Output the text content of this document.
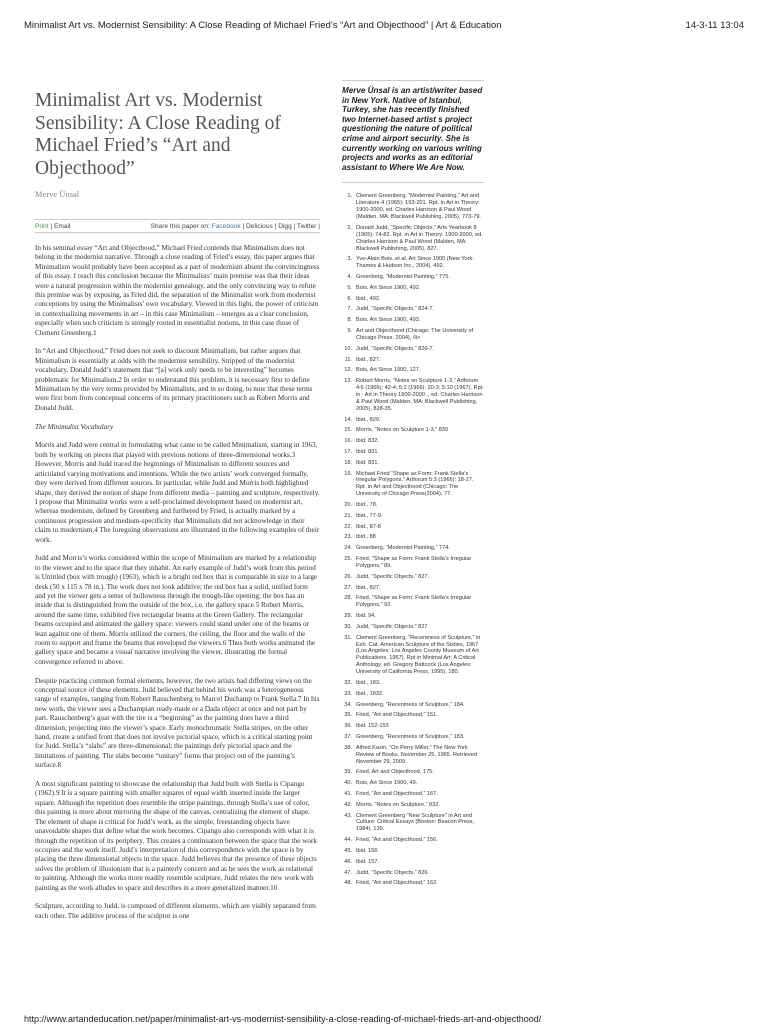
Minimalist Art vs. Modernist Sensibility: A Close Reading of Michael Fried’s “Art and Objecthood” | Art & Education	14-3-11 13:04
Minimalist Art vs. Modernist Sensibility: A Close Reading of Michael Fried’s “Art and Objecthood”
Merve Ünsal
Print | Email	Share this paper on: Facebook | Delicious | Digg | Twitter |

In his seminal essay “Art and Objecthood,” Michael Fried contends that Minimalism does not belong in the modernist narrative. Through a close reading of Fried’s essay, this paper argues that Minimalism would probably have been accepted as a part of modernism absent the convincingness of this essay. I reach this conclusion because the Minimalists’ main premise was that their ideas were a natural progression within the modernist genealogy, and the only convincing way to refute this premise was by exposing, as Fried did, the separation of the Minimalist work from modernist conceptions by using the Minimalists’ own vocabulary. Viewed in this light, the power of criticism in contextualizing movements in art – in this case Minimalism – emerges as a clear conclusion, especially when such criticism is strongly rooted in essentialist notions, in this case those of Clement Greenberg.1

In “Art and Objecthood,” Fried does not seek to discount Minimalism, but rather argues that Minimalism is essentially at odds with the modernist sensibility. Stripped of the modernist vocabulary, Donald Judd’s statement that “[a] work only needs to be interesting” becomes problematic for Minimalism.2 In order to understand this problem, it is necessary first to define Minimalism by the very terms provided by Minimalists, and in so doing, to note that these terms were first born from conceptual concerns of its primary practitioners such as Robert Morris and Donald Judd.

The Minimalist Vocabulary

Morris and Judd were central in formulating what came to be called Minimalism, starting in 1963, both by working on pieces that played with previous notions of three-dimensional works.3 However, Morris and Judd traced the beginnings of Minimalism to different sources and articulated varying motivations and intentions. While the two artists’ work converged formally, they were derived from different sources. In particular, while Judd and Morris both highlighted shape, they derived the notion of shape from different media – painting and sculpture, respectively. I propose that Minimalist works were a self-proclaimed development based on modernist art, whereas modernism, defined by Greenberg and furthered by Fried, is actually marked by a continuous progression and medium-specificity that Minimalists did not acknowledge in their claim to modernism.4 The foregoing observations are illustrated in the following examples of their work.

Judd and Morris’s works considered within the scope of Minimalism are marked by a relationship to the viewer and to the space that they inhabit. An early example of Judd’s work from this period is Untitled (box with trough) (1963), which is a bright red box that is comparable in size to a large desk (50 x 115 x 78 in.). The work does not look additive; the red box has a solid, unified form and yet the viewer gets a sense of hollowness through the trough-like opening; the box has an inside that is distinguished from the outside of the box, i.e. the gallery space.5 Robert Morris, around the same time, exhibited five rectangular beams at the Green Gallery. The rectangular beams occupied and animated the gallery space: viewers could stand under one of the beams or lean against one of them. Morris utilized the corners, the ceiling, the floor and the walls of the room to support and frame the beams that enveloped the viewers.6 Thus both works animated the gallery space and became a visual narrative involving the viewer, illustrating the formal convergence referred to above.

Despite practicing common formal elements, however, the two artists had differing views on the conceptual source of these elements. Judd believed that behind his work was a heterogeneous range of examples, ranging from Robert Rauschenberg to Marcel Duchamp to Frank Stella.7 In his new work, the viewer sees a Duchampian ready-made or a Dada object at once and not part by part. Rauschenberg’s goat with the tire is a “beginning” as the painting does have a third dimension, projecting into the viewer’s space. Early monochromatic Stella stripes, on the other hand, create a unified front that does not involve pictorial space, which is a critical starting point for Judd. Stella’s “slabs” are three-dimensional; the paintings defy pictorial space and the limitations of painting. The slabs become “unitary” forms that project out of the painting’s surface.8

A most significant painting to showcase the relationship that Judd built with Stella is Cipango (1962).9 It is a square painting with smaller squares of equal width inserted inside the larger square. Although the repetition does resemble the stripe paintings, through Stella’s use of color, this painting is more about mirroring the shape of the canvas, centralizing the element of shape. The element of shape is critical for Judd’s work, as the simple, freestanding objects have unavoidable shapes that define what the work becomes. Cipango also corresponds with what it is through the repetition of its periphery. This creates a continuation between the space that the work occupies and the work itself. Judd’s interpretation of this correspondence with the space is by placing the three dimensional objects in the space. Judd believes that the presence of these objects solves the problem of illusionism that is a painterly concern and as he sees the work as relational to painting. Although the works more readily resemble sculpture, Judd relates the new work with painting as the work alludes to space and describes in a more generalized manner.10

Sculpture, according to Judd, is composed of different elements, which are visibly separated from each other. The additive process of the sculptor is one

Merve Ünsal is an artist/writer based in New York. Native of Istanbul, Turkey, she has recently finished two Internet-based artist s project questioning the nature of political crime and airport security. She is currently working on various writing projects and works as an editorial assistant to Where We Are Now.
1. Clement Greenberg, “Modernist Painting,” Art and Literature 4 (1965): 193-201. Rpt. in Art in Theory: 1900-2000, ed. Charles Harrison & Paul Wood (Malden, MA: Blackwell Publishing, 2005), 773-79.
2. Donald Judd, “Specific Objects,” Arts Yearbook 8 (1965): 74-82. Rpt. in Art in Theory: 1900-2000, ed. Charles Harrison & Paul Wood (Malden, MA: Blackwell Publishing, 2005), 827.
3. Yve-Alain Bois, et al. Art Since 1900 (New York: Thames & Hudson Inc., 2004), 492.
4. Greenberg, “Modernist Painting,” 775.
5. Bois, Art Since 1900, 492.
6. Ibid., 492.
7. Judd, “Specific Objects,” 824-7.
8. Bois, Art Since 1900, 493.
9. Art and Objecthood (Chicago: The University of Chicago Press, 2004), /li>
10. Judd, “Specific Objects,” 826-7.
11. Ibid., 827.
12. Bois, Art Since 1900, 127.
13. Robert Morris, “Notes on Sculpture 1-3,” Artforum 4:6 (1966): 42-4; 5:2 (1966): 20-3; 5:10 (1967). Rpt. in : Art in Theory 1900-2000 ., ed. Charles Harrison & Paul Wood (Malden, MA: Blackwell Publishing, 2005), 828-35.
14. Ibid., 829.
15. Morris, “Notes on Sculpture 1-3,” 830
16. Ibid. 832.
17. Ibid. 831.
18. Ibid. 831.
19. Michael Fried “Shape as Form: Frank Stella’s Irregular Polygons,” Artforum 5:3 (1966): 18-27. Rpt. in Art and Objecthood (Chicago: The University of Chicago Press(2004), 77.
20. Ibid., 78.
21. Ibid., 77-9.
22. Ibid., 87-8
23. Ibid., 88
24. Greenberg, “Modernist Painting,” 774.
25. Fried, “Shape as Form: Frank Stella’s Irregular Polygons,” 89.
26. Judd, “Specific Objects,” 827.
27. Ibid., 827.
28. Fried, “Shape as Form: Frank Stella’s Irregular Polygons,” 92.
29. Ibid. 94.
30. Judd, “Specific Objects,” 827
31. Clement Greenberg, “Recentness of Sculpture,” in Exh. Cat. American Sculpture of the Sixties, 1967 (Los Angeles: Los Angeles County Museum of Art Publications, 1967). Rpt in Minimal Art: A Critical Anthology, ed. Gregory Battcock (Los Angeles: University of California Press, 1995), 180.
32. Ibid., 183.
33. Ibid., 1832.
34. Greenberg, “Recentness of Sculpture,” 184.
35. Fried, “Art and Objecthood,” 151.
36. Ibid. 152-153
37. Greenberg, “Recentness of Sculpture,” 183.
38. Alfred Kazin, “On Perry Miller,” The New York Review of Books, November 25, 1965. Retrieved November 29, 2009 .
39. Fried, Art and Objecthood, 175.
40. Bois, Art Since 1900, 49.
41. Fried, “Art and Objecthood,” 167.
42. Morris, “Notes on Sculpture,” 832.
43. Clement Greenberg “New Sculpture” in Art and Culture: Critical Essays (Boston: Beacon Press, 1984), 139.
44. Fried, “Art and Objecthood,” 156.
45. Ibid. 156
46. Ibid. 157.
47. Judd, “Specific Objects,” 826.
48. Fried, “Art and Objecthood,” 162.
http://www.artandeducation.net/paper/minimalist-art-vs-modernist-sensibility-a-close-reading-of-michael-frieds-art-and-objecthood/
